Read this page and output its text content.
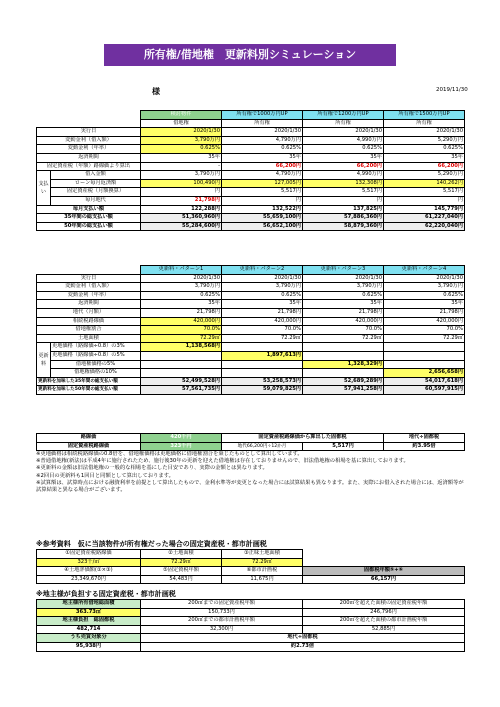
所有権/借地権　更新料別シミュレーション
様	2019/11/30
		検討物件	所有権で1000万円UP	所有権で1200万円UP	所有権で1500万円UP
		借地権	所有権	所有権	所有権
実行日		2020/1/30	2020/1/30	2020/1/30	2020/1/30
変動金利（借入額）		3,790万円	4,790万円	4,990万円	5,290万円
変動金利（年率）		0.625%	0.625%	0.625%	0.625%
返済期間		35年	35年	35年	35年
固定資産税（年額）路線価より算出		-	66,200円	66,200円	66,200円
支払い	借入金額	3,790万円	4,790万円	4,990万円	5,290万円
	ローン毎月返済額	100,490円	127,005円	132,308円	140,262円
	固定資産税（月額換算）	円	5,517円	5,517円	5,517円
	毎月地代	21,798円	円	円	円
毎月支払い額		122,288円	132,522円	137,825円	145,779円
35年間の総支払い額		51,360,960円	55,659,100円	57,886,360円	61,227,040円
50年間の総支払い額		55,284,600円	56,652,100円	58,879,360円	62,220,040円
		更新料・パターン1	更新料・パターン2	更新料・パターン3	更新料・パターン4
実行日		2020/1/30	2020/1/30	2020/1/30	2020/1/30
変動金利（借入額）		3,790万円	3,790万円	3,790万円	3,790万円
変動金利（年率）		0.625%	0.625%	0.625%	0.625%
返済期間		35年	35年	35年	35年
地代（月額）		21,798円	21,798円	21,798円	21,798円
相続税路線価		420,000円	420,000円	420,000円	420,000円
借地権割合		70.0%	70.0%	70.0%	70.0%
土地面積		72.29㎡	72.29㎡	72.29㎡	72.29㎡
更新料	更地価格（路線価÷0.8）の3%	1,138,568円			
	更地価格（路線価÷0.8）の5%		1,897,613円		
	借地権価格の5%			1,328,329円	
	借地権価格の10%				2,656,658円
更新料を加味した35年間の総支払い額		52,499,528円	53,258,573円	52,689,289円	54,017,618円
更新料を加味した50年間の総支払い額		57,561,735円	59,079,825円	57,941,258円	60,597,915円
路線価	420千円	固定資産税路線価から算出した固都税		地代÷固都税
固定資産税路線価	323千円	地代66,200円÷12か月	5,517円	約3.95倍
※更地価格は相続税路線価の0.8倍を、借地権価格は更地価格に借地権割合を乗じたものとして算出しています。
※普通借地権(新法)は平成4年に施行されたため、施行後30年の更新を迎えた借地権は存在しておりませんので、旧法借地権の相場を基に算出しております。
※更新料の金額は旧法借地権の一般的な相場を基にした目安であり、実際の金額とは異なります。
※2回目の更新料も1回目と同額として算出しております。
※試算額は、試算時点における融資利率を前提として算出したもので、金利水準等が変更となった場合には試算結果も異なります。また、実際にお借入された場合には、返済額等が試算結果と異なる場合がございます。
※参考資料　仮に当該物件が所有権だった場合の固定資産税・都市計画税
①固定資産税路線価	②土地面積	③正味土地面積	
323千/㎡	72.29㎡	72.29㎡	
④土地評価額(①×③)	⑤固定資税年額	⑥都市計画税	固都税年額⑤+⑥
23,349,670円	54,483円	11,675円	66,157円
※地主様が負担する固定資産税・都市計画税
地主様所有借地総面積	200㎡までの固定資産税年額	200㎡を超えた面積の固定資産税年額
363.73㎡	150,733円	246,796円
地主様負担　総固都税	200㎡までの都市計画税年額	200㎡を超えた面積の都市計画税年額
482,714	32,300円	52,885円
うち売買対象分	地代÷固都税	
95,938円	約2.73倍	
